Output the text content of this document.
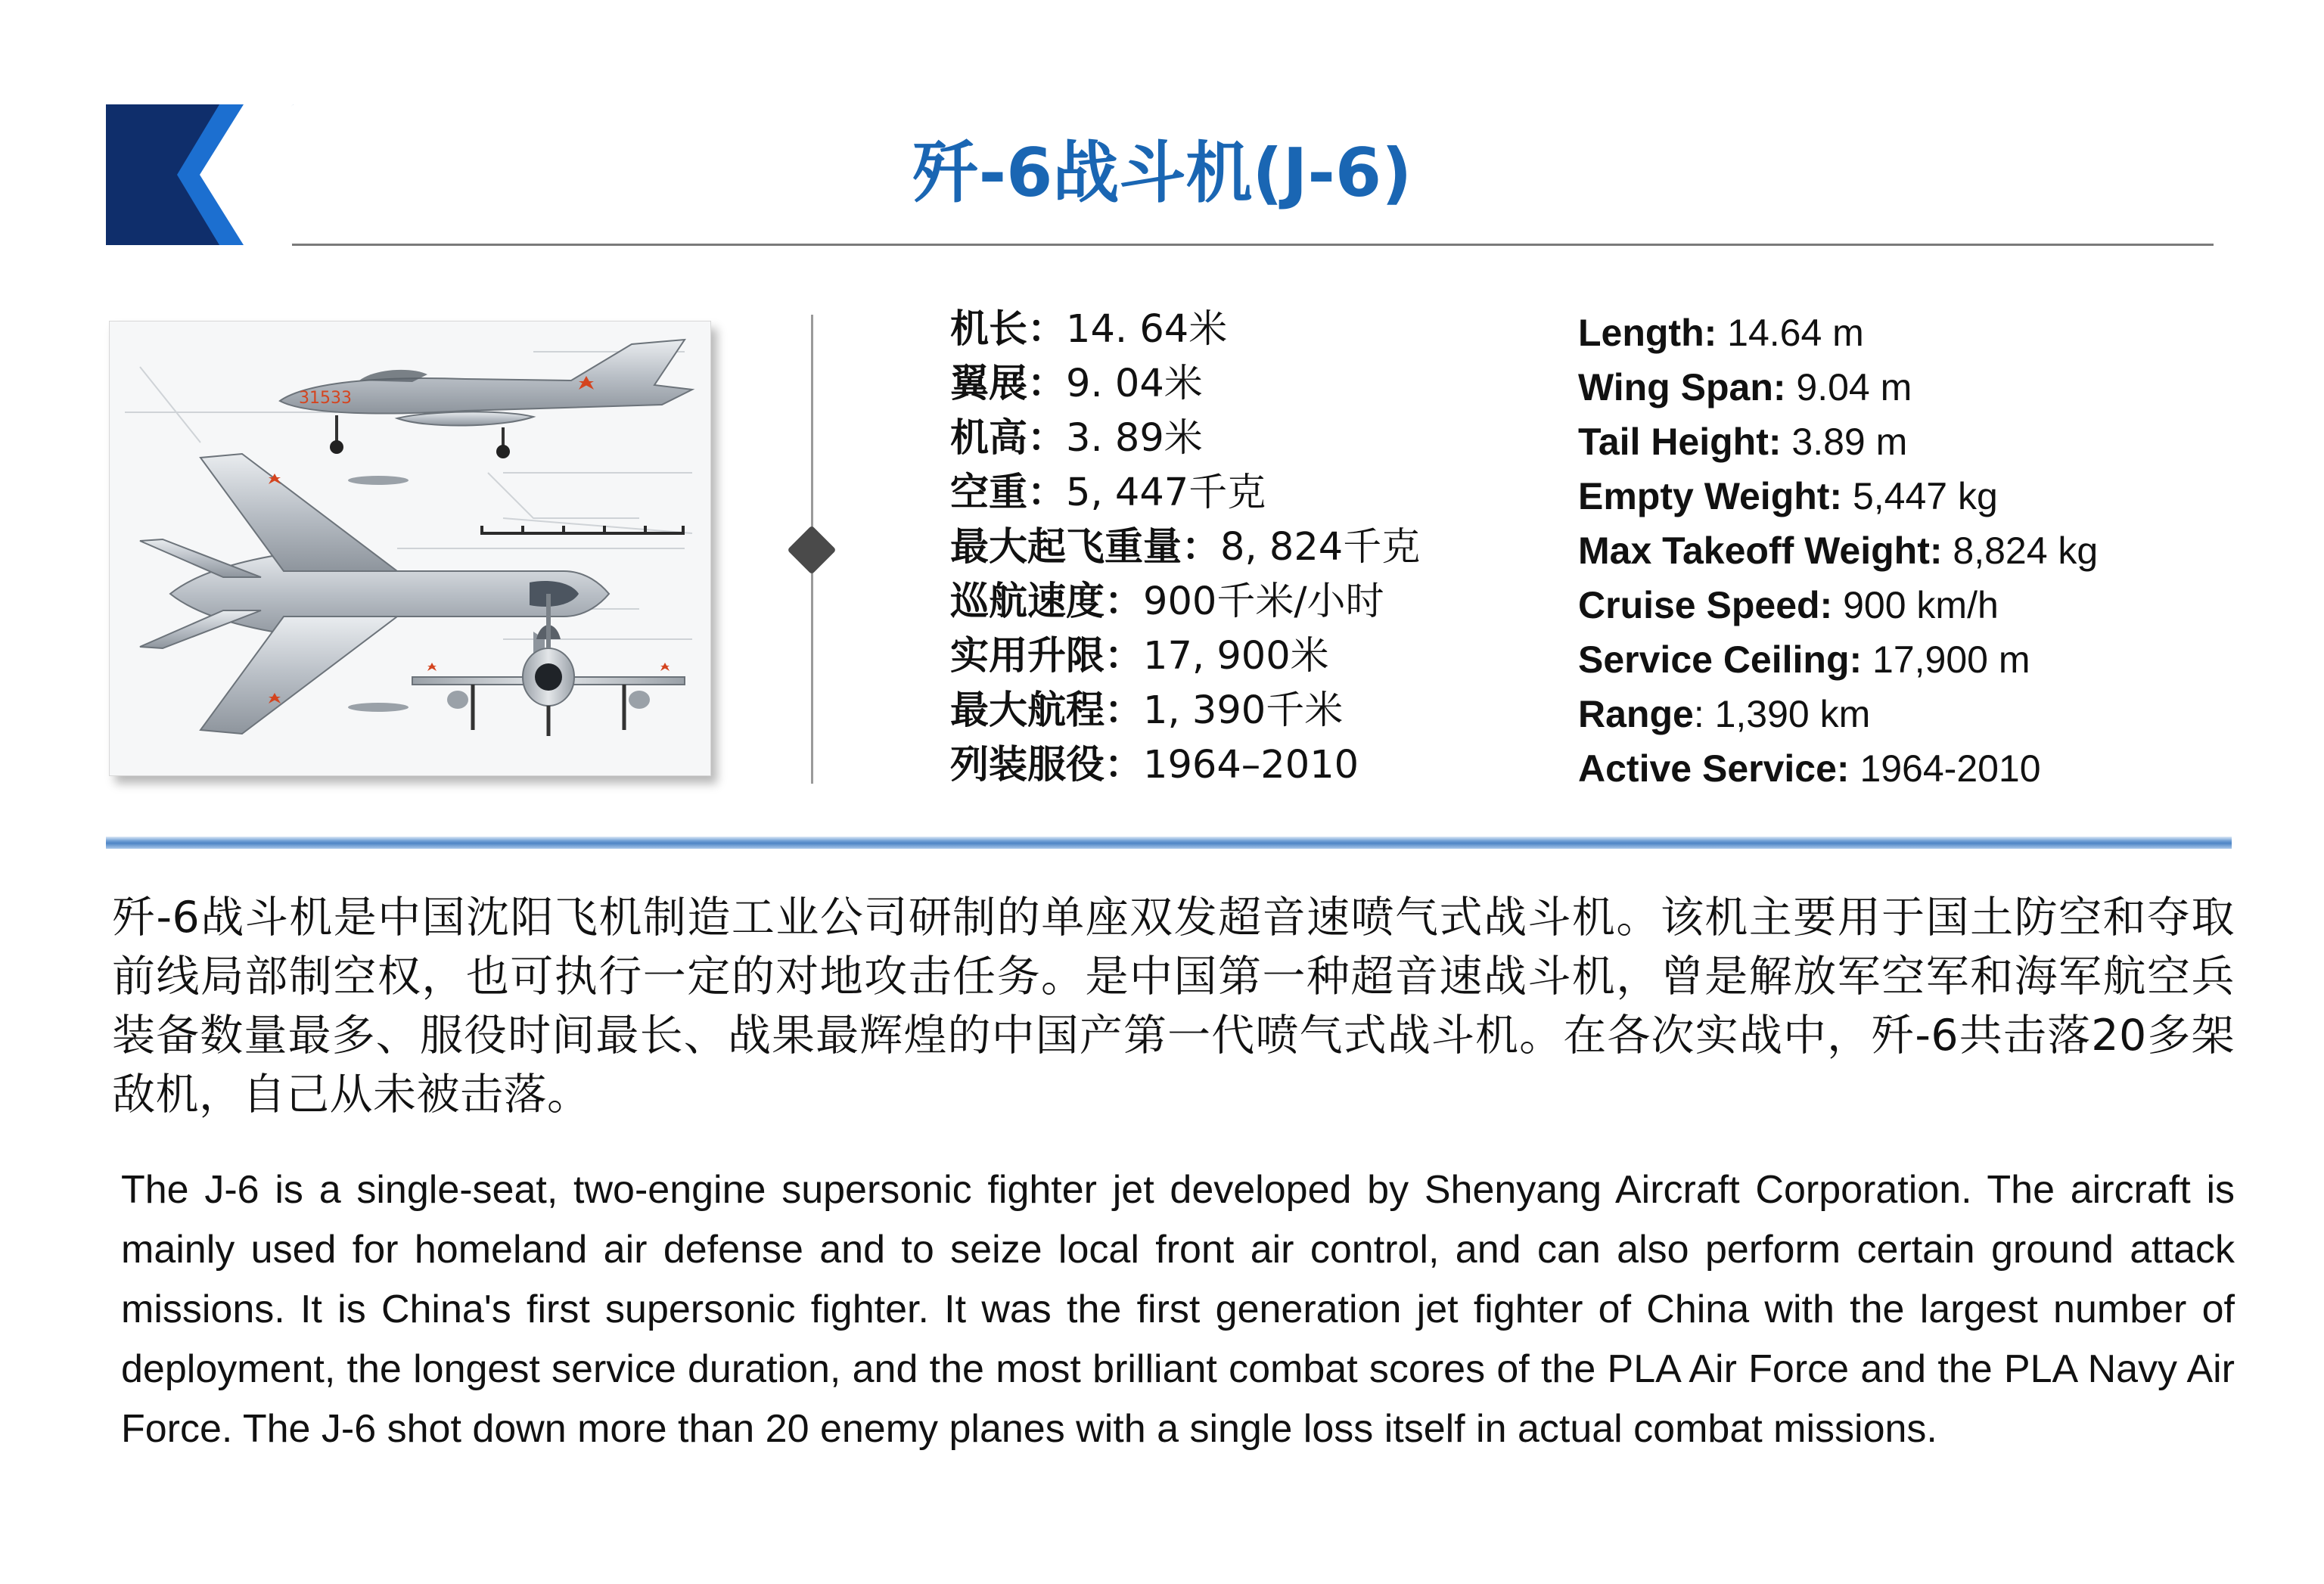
歼-6战斗机(J-6)
31533
机长：14. 64米
翼展：9. 04米
机高：3. 89米
空重：5, 447千克
最大起飞重量：8, 824千克
巡航速度：900千米/小时
实用升限：17, 900米
最大航程：1, 390千米
列装服役：1964–2010
Length: 14.64 m
Wing Span: 9.04 m
Tail Height: 3.89 m
Empty Weight: 5,447 kg
Max Takeoff Weight: 8,824 kg
Cruise Speed: 900 km/h
Service Ceiling: 17,900 m
Range: 1,390 km
Active Service: 1964-2010

歼-6战斗机是中国沈阳飞机制造工业公司研制的单座双发超音速喷气式战斗机。该机主要用于国土防空和夺取前线局部制空权，也可执行一定的对地攻击任务。是中国第一种超音速战斗机，曾是解放军空军和海军航空兵装备数量最多、服役时间最长、战果最辉煌的中国产第一代喷气式战斗机。在各次实战中，歼-6共击落20多架敌机，自己从未被击落。

The J-6 is a single-seat, two-engine supersonic fighter jet developed by Shenyang Aircraft Corporation. The aircraft is mainly used for homeland air defense and to seize local front air control, and can also perform certain ground attack missions. It is China's first supersonic fighter. It was the first generation jet fighter of China with the largest number of deployment, the longest service duration, and the most brilliant combat scores of the PLA Air Force and the PLA Navy Air Force. The J-6 shot down more than 20 enemy planes with a single loss itself in actual combat missions.
